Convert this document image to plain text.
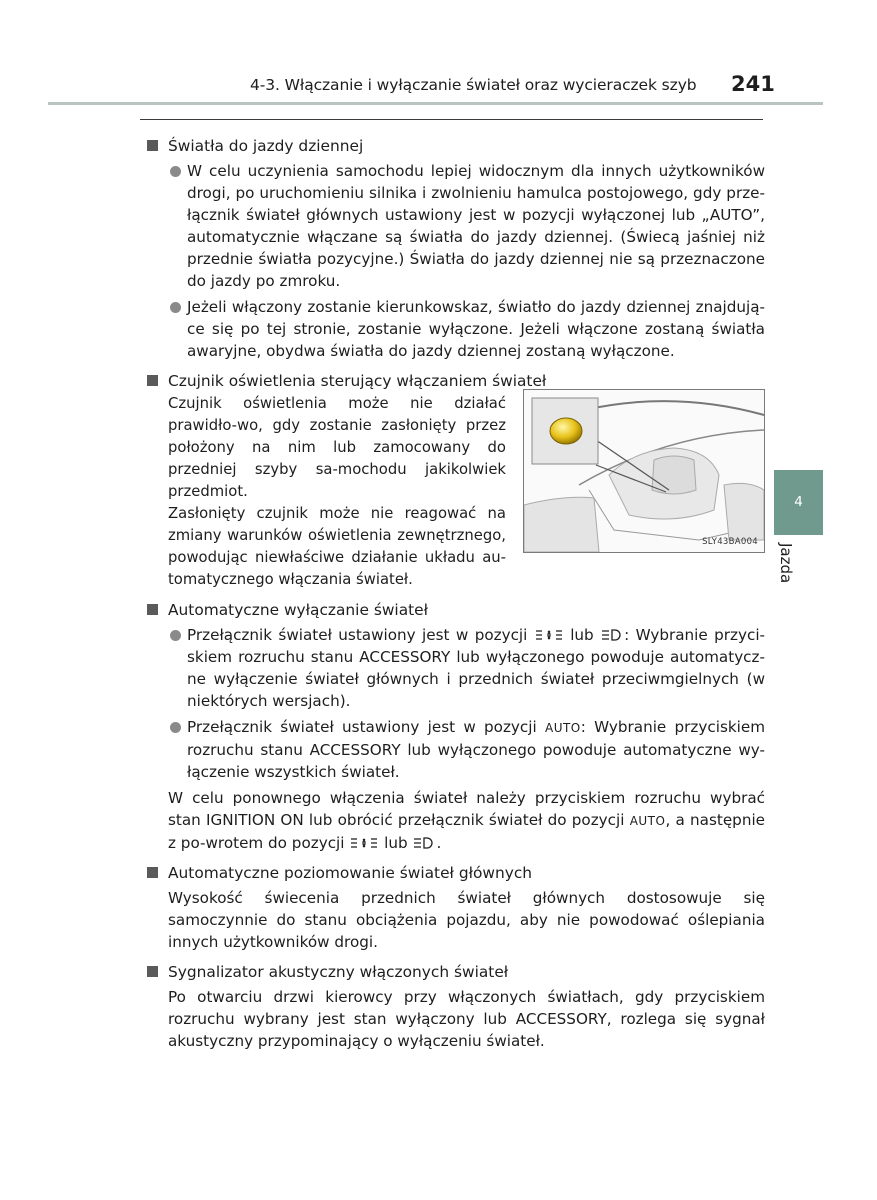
4-3. Włączanie i wyłączanie świateł oraz wycieraczek szyb 241
4
Jazda
SLY43BA004
Światła do jazdy dziennej
W celu uczynienia samochodu lepiej widocznym dla innych użytkowników drogi, po uruchomieniu silnika i zwolnieniu hamulca postojowego, gdy prze-łącznik świateł głównych ustawiony jest w pozycji wyłączonej lub „AUTO”, automatycznie włączane są światła do jazdy dziennej. (Świecą jaśniej niż przednie światła pozycyjne.) Światła do jazdy dziennej nie są przeznaczone do jazdy po zmroku.
Jeżeli włączony zostanie kierunkowskaz, światło do jazdy dziennej znajdują-ce się po tej stronie, zostanie wyłączone. Jeżeli włączone zostaną światła awaryjne, obydwa światła do jazdy dziennej zostaną wyłączone.
Czujnik oświetlenia sterujący włączaniem świateł
Czujnik oświetlenia może nie działać prawidło-wo, gdy zostanie zasłonięty przez położony na nim lub zamocowany do przedniej szyby sa-mochodu jakikolwiek przedmiot.
Zasłonięty czujnik może nie reagować na zmiany warunków oświetlenia zewnętrznego, powodując niewłaściwe działanie układu au-tomatycznego włączania świateł.
Automatyczne wyłączanie świateł
Przełącznik świateł ustawiony jest w pozycji	lub : Wybranie przyci-skiem rozruchu stanu ACCESSORY lub wyłączonego powoduje automatycz-ne wyłączenie świateł głównych i przednich świateł przeciwmgielnych (w niektórych wersjach).
Przełącznik świateł ustawiony jest w pozycji AUTO: Wybranie przyciskiem rozruchu stanu ACCESSORY lub wyłączonego powoduje automatyczne wy-łączenie wszystkich świateł.
W celu ponownego włączenia świateł należy przyciskiem rozruchu wybrać stan IGNITION ON lub obrócić przełącznik świateł do pozycji AUTO, a następnie z po-wrotem do pozycji	lub .
Automatyczne poziomowanie świateł głównych
Wysokość świecenia przednich świateł głównych dostosowuje się samoczynnie do stanu obciążenia pojazdu, aby nie powodować oślepiania innych użytkowników drogi.
Sygnalizator akustyczny włączonych świateł
Po otwarciu drzwi kierowcy przy włączonych światłach, gdy przyciskiem rozruchu wybrany jest stan wyłączony lub ACCESSORY, rozlega się sygnał akustyczny przypominający o wyłączeniu świateł.
